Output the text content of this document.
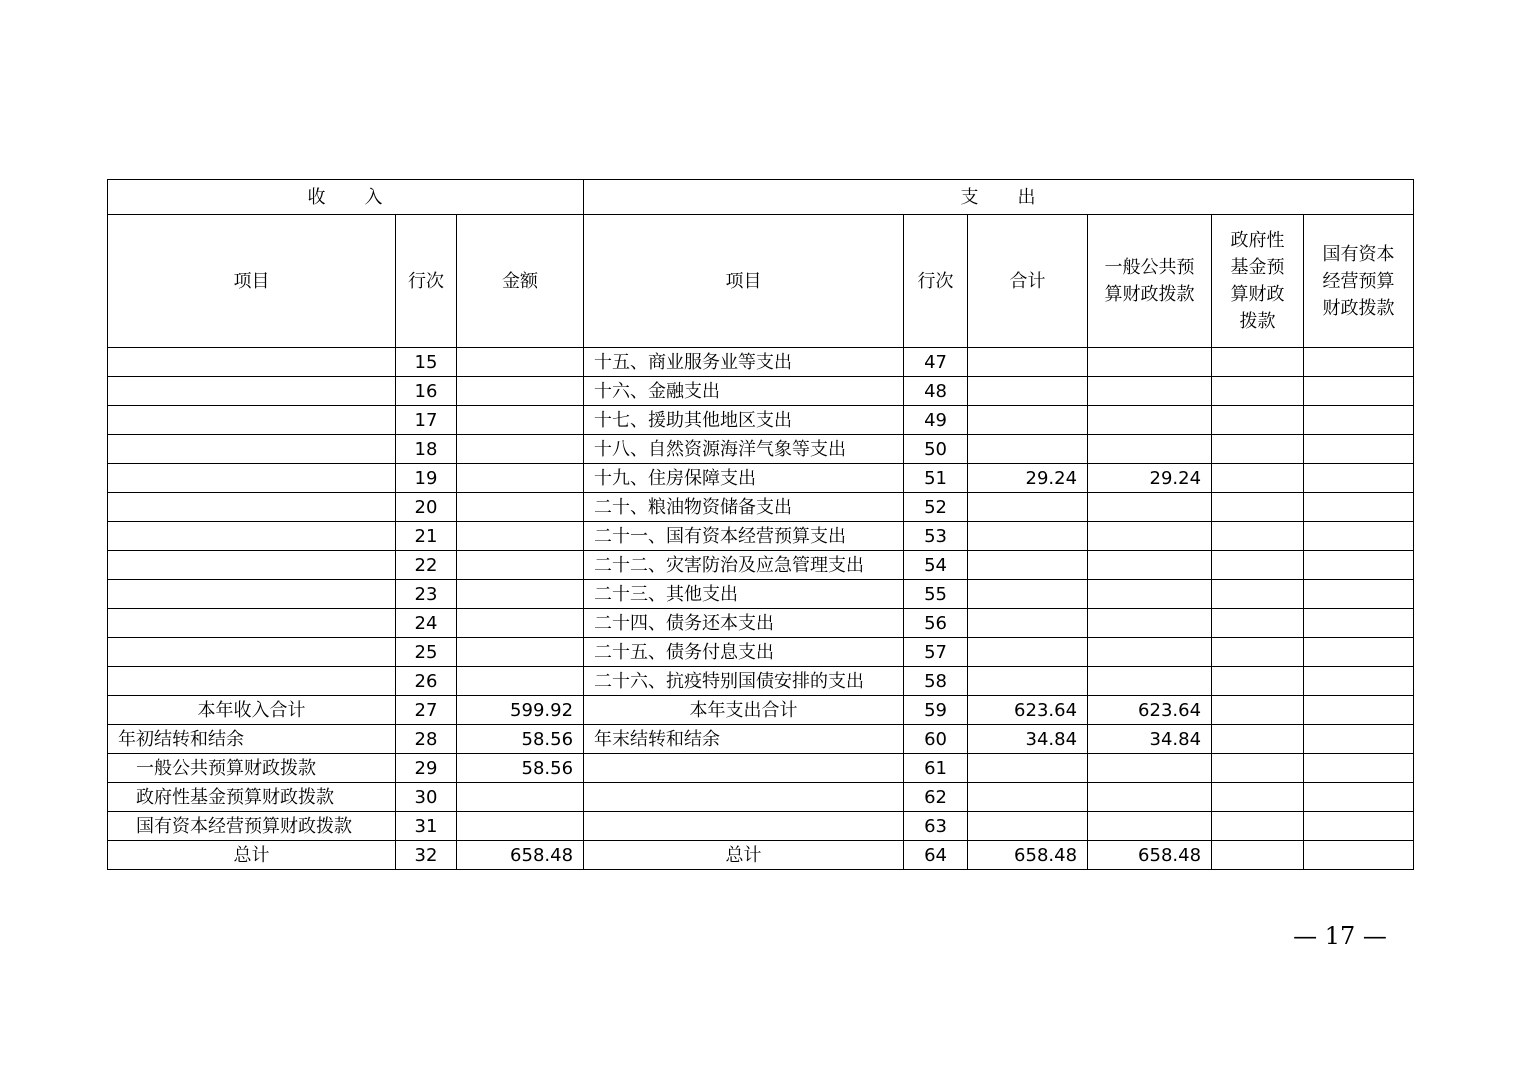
收　　入			支　　出					
项目	行次	金额	项目	行次	合计	一般公共预算财政拨款	政府性基金预算财政拨款	国有资本经营预算财政拨款
	15		十五、商业服务业等支出	47				
	16		十六、金融支出	48				
	17		十七、援助其他地区支出	49				
	18		十八、自然资源海洋气象等支出	50				
	19		十九、住房保障支出	51	29.24	29.24		
	20		二十、粮油物资储备支出	52				
	21		二十一、国有资本经营预算支出	53				
	22		二十二、灾害防治及应急管理支出	54				
	23		二十三、其他支出	55				
	24		二十四、债务还本支出	56				
	25		二十五、债务付息支出	57				
	26		二十六、抗疫特别国债安排的支出	58				
本年收入合计	27	599.92	本年支出合计	59	623.64	623.64		
年初结转和结余	28	58.56	年末结转和结余	60	34.84	34.84		
一般公共预算财政拨款	29	58.56		61				
政府性基金预算财政拨款	30			62				
国有资本经营预算财政拨款	31			63				
总计	32	658.48	总计	64	658.48	658.48		
— 17 —
